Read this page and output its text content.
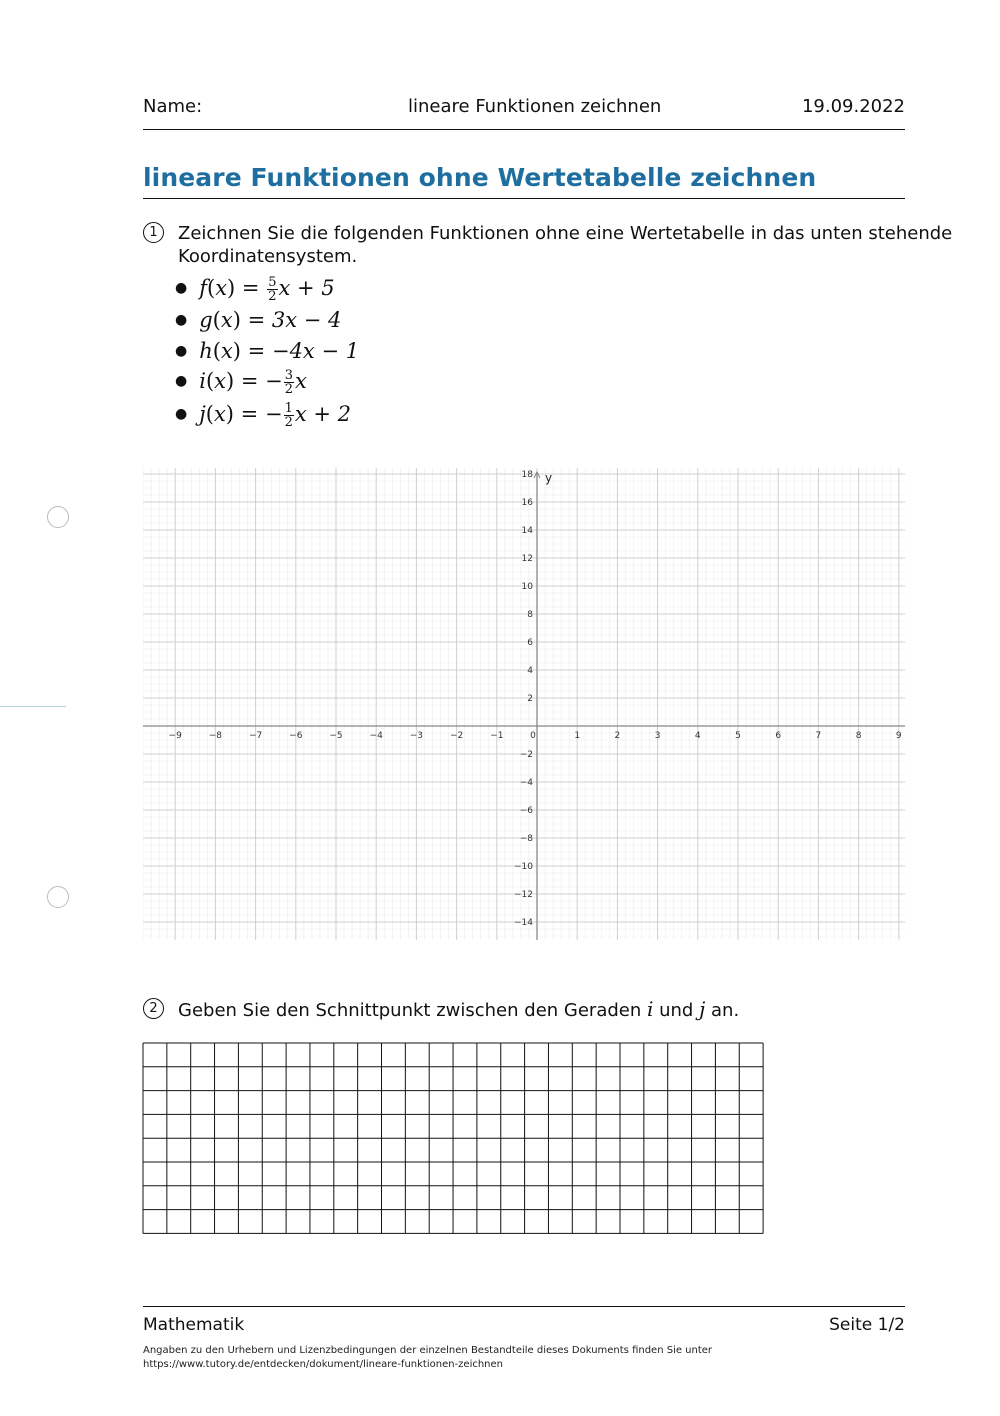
Name:	lineare Funktionen zeichnen	19.09.2022
lineare Funktionen ohne Wertetabelle zeichnen
1	Zeichnen Sie die folgenden Funktionen ohne eine Wertetabelle in das unten stehende
Koordinatensystem.
● $f(x) = \frac{5}{2}$ x + 5
● g(x) = 3x − 4
● h(x) = −4x − 1
● i(x) = − $\frac{3}{2}$ x
● j(x) = − $\frac{1}{2}$ x + 2
y
−9	−8	−7	−6	−5	−4	−3	−2	−1	0	1	2	3	4	5	6	7	8	9
18
16
14
12
10
8
6
4
2
−2
−4
−6
−8
−10
−12
−14
2	Geben Sie den Schnittpunkt zwischen den Geraden i und j an.
Mathematik	Seite 1/2
Angaben zu den Urhebern und Lizenzbedingungen der einzelnen Bestandteile dieses Dokuments finden Sie unter
https://www.tutory.de/entdecken/dokument/lineare-funktionen-zeichnen
